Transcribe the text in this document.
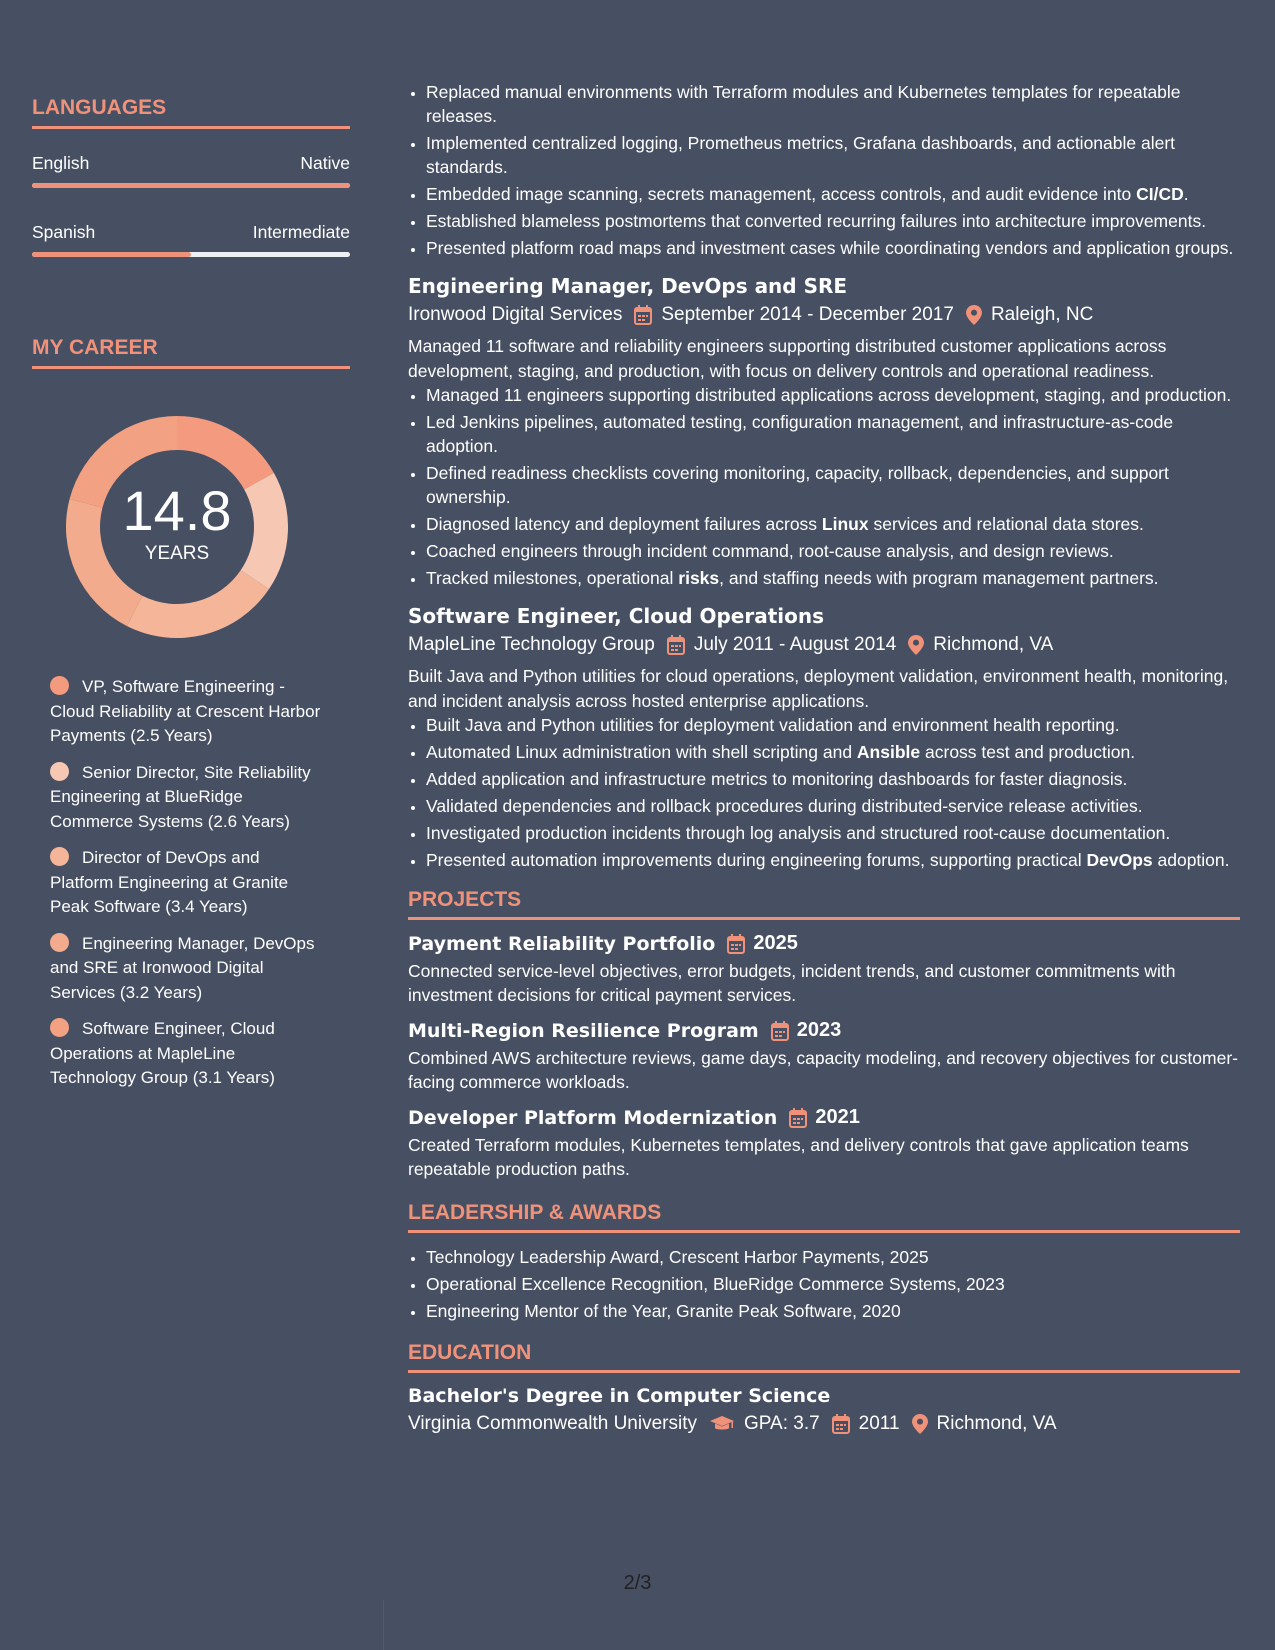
LANGUAGES
English	Native
Spanish	Intermediate
MY CAREER
14.8
YEARS
VP, Software Engineering - Cloud Reliability at Crescent Harbor Payments (2.5 Years)
Senior Director, Site Reliability Engineering at BlueRidge Commerce Systems (2.6 Years)
Director of DevOps and Platform Engineering at Granite Peak Software (3.4 Years)
Engineering Manager, DevOps and SRE at Ironwood Digital Services (3.2 Years)
Software Engineer, Cloud Operations at MapleLine Technology Group (3.1 Years)
• Replaced manual environments with Terraform modules and Kubernetes templates for repeatable releases.
• Implemented centralized logging, Prometheus metrics, Grafana dashboards, and actionable alert standards.
• Embedded image scanning, secrets management, access controls, and audit evidence into CI/CD.
• Established blameless postmortems that converted recurring failures into architecture improvements.
• Presented platform road maps and investment cases while coordinating vendors and application groups.
Engineering Manager, DevOps and SRE
Ironwood Digital Services September 2014 - December 2017 Raleigh, NC
Managed 11 software and reliability engineers supporting distributed customer applications across development, staging, and production, with focus on delivery controls and operational readiness.
• Managed 11 engineers supporting distributed applications across development, staging, and production.
• Led Jenkins pipelines, automated testing, configuration management, and infrastructure-as-code adoption.
• Defined readiness checklists covering monitoring, capacity, rollback, dependencies, and support ownership.
• Diagnosed latency and deployment failures across Linux services and relational data stores.
• Coached engineers through incident command, root-cause analysis, and design reviews.
• Tracked milestones, operational risks, and staffing needs with program management partners.
Software Engineer, Cloud Operations
MapleLine Technology Group July 2011 - August 2014 Richmond, VA
Built Java and Python utilities for cloud operations, deployment validation, environment health, monitoring, and incident analysis across hosted enterprise applications.
• Built Java and Python utilities for deployment validation and environment health reporting.
• Automated Linux administration with shell scripting and Ansible across test and production.
• Added application and infrastructure metrics to monitoring dashboards for faster diagnosis.
• Validated dependencies and rollback procedures during distributed-service release activities.
• Investigated production incidents through log analysis and structured root-cause documentation.
• Presented automation improvements during engineering forums, supporting practical DevOps adoption.
PROJECTS
Payment Reliability Portfolio 2025
Connected service-level objectives, error budgets, incident trends, and customer commitments with investment decisions for critical payment services.
Multi-Region Resilience Program 2023
Combined AWS architecture reviews, game days, capacity modeling, and recovery objectives for customer-facing commerce workloads.
Developer Platform Modernization 2021
Created Terraform modules, Kubernetes templates, and delivery controls that gave application teams repeatable production paths.
LEADERSHIP & AWARDS
• Technology Leadership Award, Crescent Harbor Payments, 2025
• Operational Excellence Recognition, BlueRidge Commerce Systems, 2023
• Engineering Mentor of the Year, Granite Peak Software, 2020
EDUCATION
Bachelor's Degree in Computer Science
Virginia Commonwealth University GPA: 3.7 2011 Richmond, VA
2/3
